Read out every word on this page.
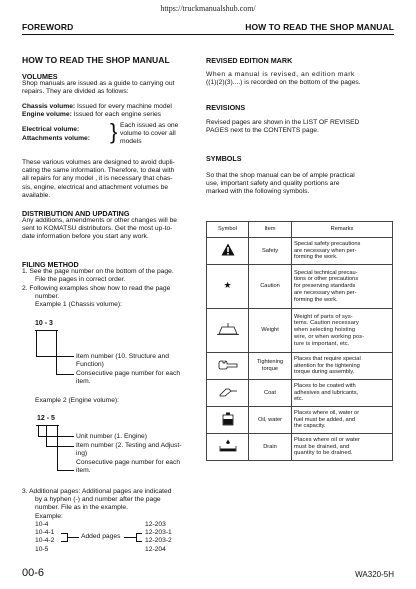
https://truckmanualshub.com/
FOREWORD	HOW TO READ THE SHOP MANUAL
HOW TO READ THE SHOP MANUAL
VOLUMES
Shop manuals are issued as a guide to carrying out
repairs. They are divided as follows:
Chassis volume: Issued for every machine model
Engine volume: Issued for each engine series
Electrical volume:
Attachments volume: } Each issued as one
volume to cover all
models
These various volumes are designed to avoid dupli-
cating the same information. Therefore, to deal with
all repairs for any model , it is necessary that chas-
sis, engine, electrical and attachment volumes be
available.
DISTRIBUTION AND UPDATING
Any additions, amendments or other changes will be
sent to KOMATSU distributors. Get the most up-to-
date information before you start any work.
FILING METHOD
1. See the page number on the bottom of the page.
File the pages in correct order.
2. Following examples show how to read the page
number.
Example 1 (Chassis volume):
10 - 3
Item number (10. Structure and
Function)
Consecutive page number for each
item.
Example 2 (Engine volume):
12 - 5
Unit number (1. Engine)
Item number (2. Testing and Adjust-
ing)
Consecutive page number for each
item.
3. Additional pages: Additional pages are indicated
by a hyphen (-) and number after the page
number. File as in the example.
Example:
10-4
10-4-1
10-4-2
10-5
Added pages
12-203
12-203-1
12-203-2
12-204
REVISED EDITION MARK
When a manual is revised, an edition mark
((1)(2)(3)....) is recorded on the bottom of the pages.
REVISIONS
Revised pages are shown in the LIST OF REVISED
PAGES next to the CONTENTS page.
SYMBOLS
So that the shop manual can be of ample practical
use, important safety and quality portions are
marked with the following symbols.
Symbol	Item	Remarks
	Safety	Special safety precautions
are necessary when per-
forming the work.

★	Caution	Special technical precau-
tions or other precautions
for preserving standards
are necessary when per-
forming the work.

	Weight	Weight of parts of sys-
tems. Caution necessary
when selecting hoisting
wire, or when working pos-
ture is important, etc.

Tightening torque	Places that require special
attention for the tightening
torque during assembly.

	Coat	Places to be coated with
adhesives and lubricants,
etc.

	Oil, water	Places where oil, water or
fuel must be added, and
the capacity.

	Drain	Places where oil or water
must be drained, and
quantity to be drained.
00-6	WA320-5H
